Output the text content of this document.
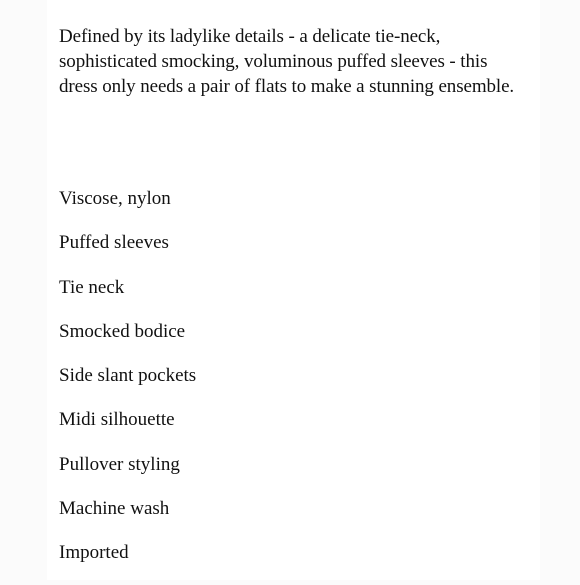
Defined by its ladylike details - a delicate tie-neck, sophisticated smocking, voluminous puffed sleeves - this dress only needs a pair of flats to make a stunning ensemble.

Viscose, nylon
Puffed sleeves
Tie neck
Smocked bodice
Side slant pockets
Midi silhouette
Pullover styling
Machine wash
Imported
